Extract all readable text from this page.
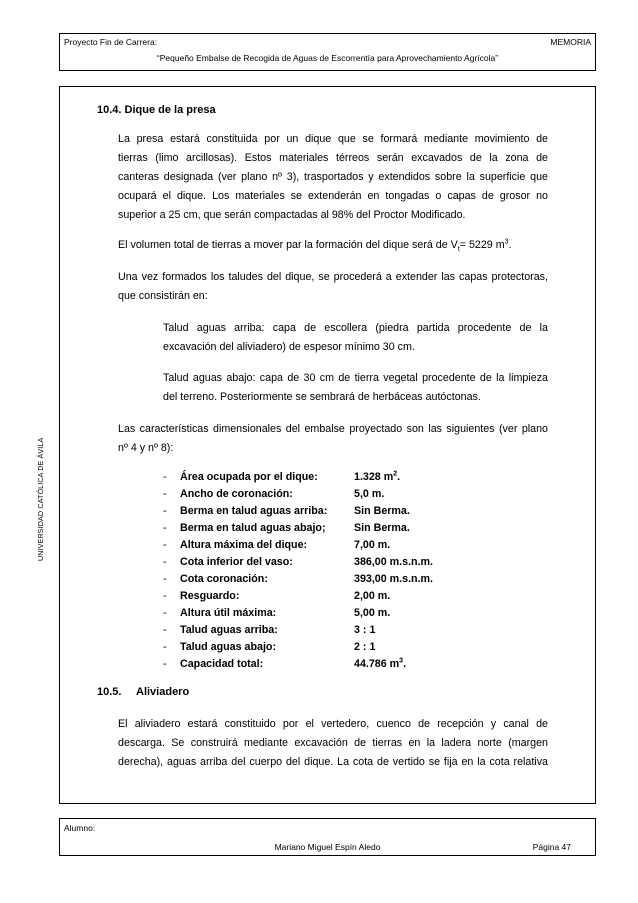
Proyecto Fin de Carrera:	MEMORIA
“Pequeño Embalse de Recogida de Aguas de Escorrentía para Aprovechamiento Agrícola”
UNIVERSIDAD CATÓLICA DE ÁVILA
10.4. Dique de la presa
La presa estará constituida por un dique que se formará mediante movimiento de
tierras (limo arcillosas). Estos materiales térreos serán excavados de la zona de
canteras designada (ver plano nº 3), trasportados y extendidos sobre la superficie que
ocupará el dique. Los materiales se extenderán en tongadas o capas de grosor no
superior a 25 cm, que serán compactadas al 98% del Proctor Modificado.
El volumen total de tierras a mover par la formación del dique será de $V_t= 5229$ $m^3$.
Una vez formados los taludes del dique, se procederá a extender las capas protectoras,
que consistirán en:
Talud aguas arriba: capa de escollera (piedra partida procedente de la
excavación del aliviadero) de espesor mínimo 30 cm.
Talud aguas abajo: capa de 30 cm de tierra vegetal procedente de la limpieza
del terreno. Posteriormente se sembrará de herbáceas autóctonas.
Las características dimensionales del embalse proyectado son las siguientes (ver plano
nº 4 y nº 8):
- Área ocupada por el dique:	1.328 $m^2$.
- Ancho de coronación:	5,0 m.
- Berma en talud aguas arriba: Sin Berma.
- Berma en talud aguas abajo;	Sin Berma.
- Altura máxima del dique:	7,00 m.
- Cota inferior del vaso:	386,00 m.s.n.m.
- Cota coronación:	393,00 m.s.n.m.
- Resguardo:	2,00 m.
- Altura útil máxima:	5,00 m.
- Talud aguas arriba:	3 : 1
- Talud aguas abajo:	2 : 1
- Capacidad total:	44.786 $m^3$.
10.5. Aliviadero
El aliviadero estará constituido por el vertedero, cuenco de recepción y canal de
descarga. Se construirá mediante excavación de tierras en la ladera norte (margen
derecha), aguas arriba del cuerpo del dique. La cota de vertido se fija en la cota relativa
Alumno:
Mariano Miguel Espín Aledo	Página 47
